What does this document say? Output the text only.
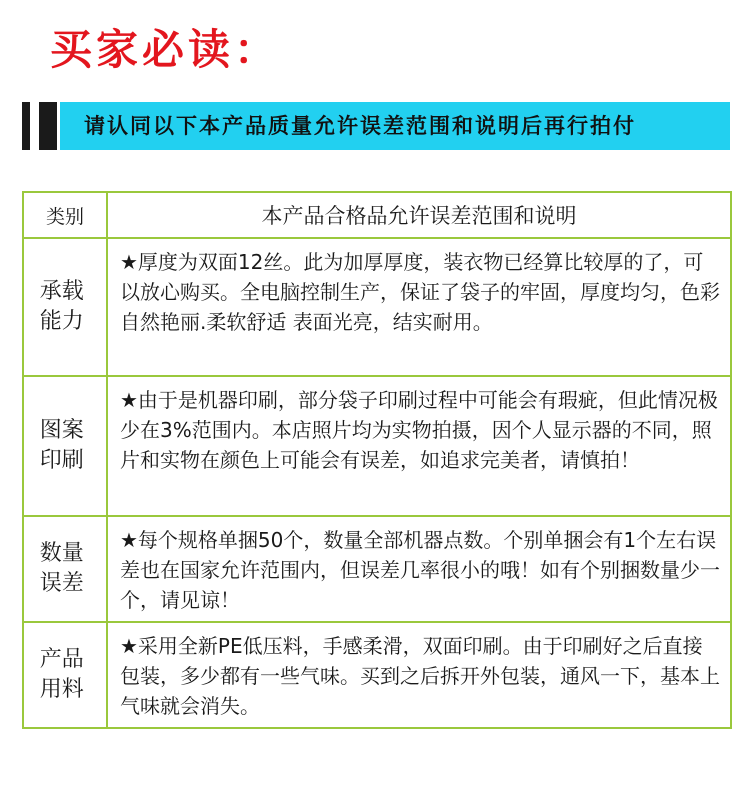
买家必读：
请认同以下本产品质量允许误差范围和说明后再行拍付
类别	本产品合格品允许误差范围和说明
承载能力	★厚度为双面12丝。此为加厚厚度，装衣物已经算比较厚的了，可以放心购买。全电脑控制生产，保证了袋子的牢固，厚度均匀，色彩自然艳丽.柔软舒适 表面光亮，结实耐用。
图案印刷	★由于是机器印刷，部分袋子印刷过程中可能会有瑕疵，但此情况极少在3%范围内。本店照片均为实物拍摄，因个人显示器的不同，照片和实物在颜色上可能会有误差，如追求完美者，请慎拍！
数量误差	★每个规格单捆50个，数量全部机器点数。个别单捆会有1个左右误差也在国家允许范围内，但误差几率很小的哦！如有个别捆数量少一个，请见谅！
产品用料	★采用全新PE低压料，手感柔滑，双面印刷。由于印刷好之后直接包装，多少都有一些气味。买到之后拆开外包装，通风一下，基本上气味就会消失。
